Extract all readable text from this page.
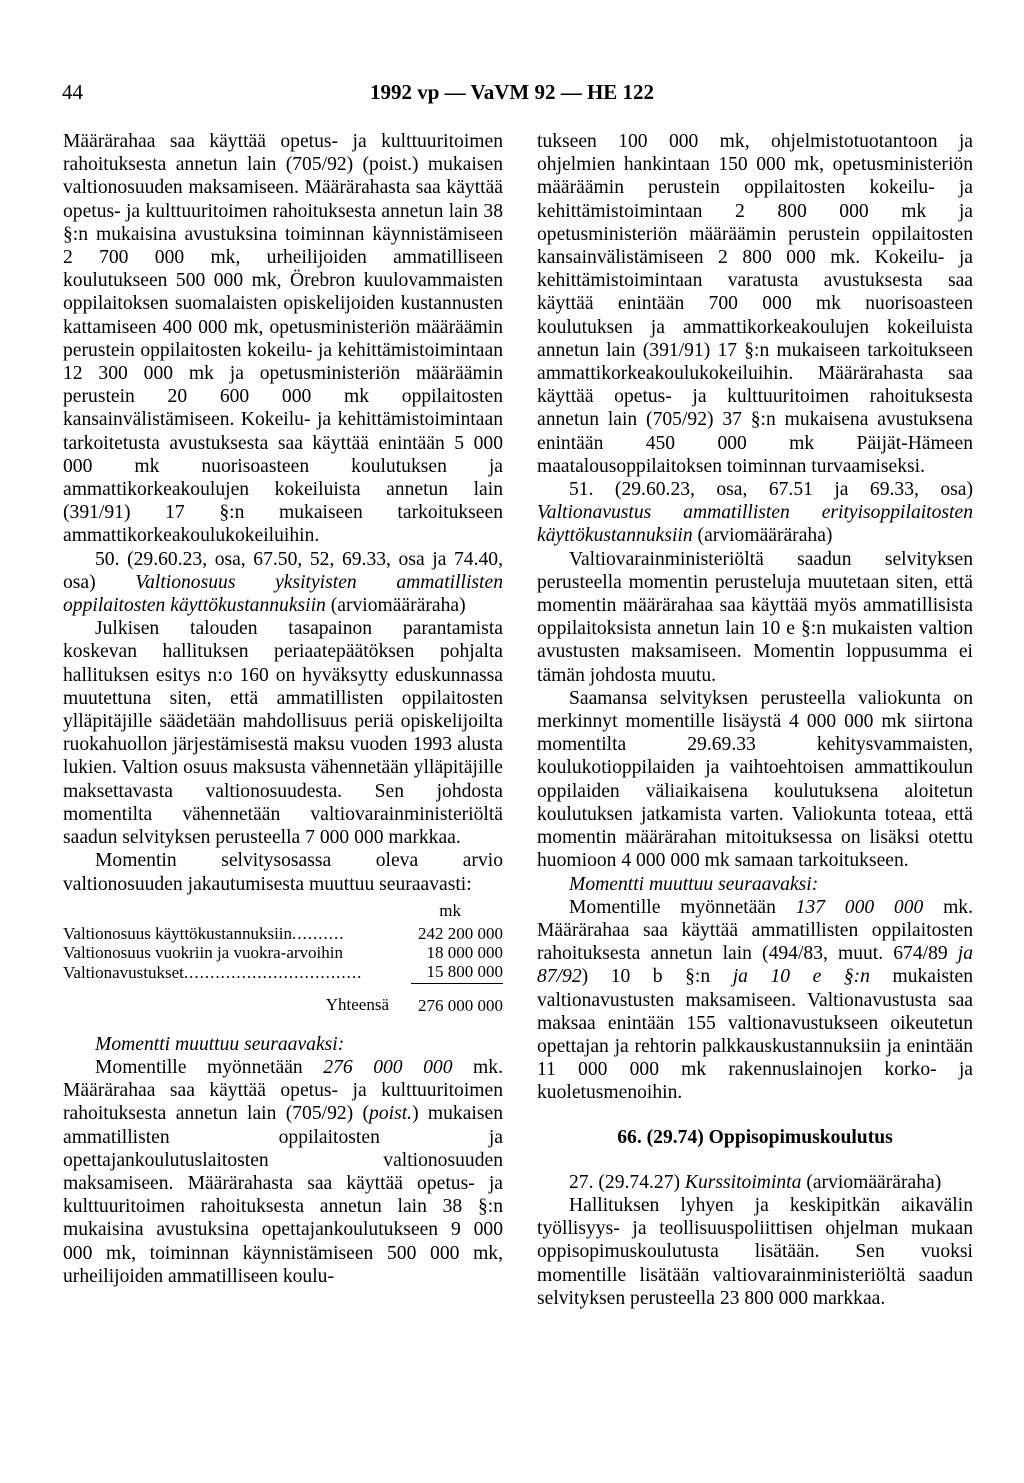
44	1992 vp — VaVM 92 — HE 122

Määrärahaa saa käyttää opetus- ja kulttuuritoimen rahoituksesta annetun lain (705/92) (poist.) mukaisen valtionosuuden maksamiseen. Määrärahasta saa käyttää opetus- ja kulttuuritoimen rahoituksesta annetun lain 38 §:n mukaisina avustuksina toiminnan käynnistämiseen 2 700 000 mk, urheilijoiden ammatilliseen koulutukseen 500 000 mk, Örebron kuulovammaisten oppilaitoksen suomalaisten opiskelijoiden kustannusten kattamiseen 400 000 mk, opetusministeriön määräämin perustein oppilaitosten kokeilu- ja kehittämistoimintaan 12 300 000 mk ja opetusministeriön määräämin perustein 20 600 000 mk oppilaitosten kansainvälistämiseen. Kokeilu- ja kehittämistoimintaan tarkoitetusta avustuksesta saa käyttää enintään 5 000 000 mk nuorisoasteen koulutuksen ja ammattikorkeakoulujen kokeiluista annetun lain (391/91) 17 §:n mukaiseen tarkoitukseen ammattikorkeakoulukokeiluihin.

50. (29.60.23, osa, 67.50, 52, 69.33, osa ja 74.40, osa) Valtionosuus yksityisten ammatillisten oppilaitosten käyttökustannuksiin (arviomääräraha)

Julkisen talouden tasapainon parantamista koskevan hallituksen periaatepäätöksen pohjalta hallituksen esitys n:o 160 on hyväksytty eduskunnassa muutettuna siten, että ammatillisten oppilaitosten ylläpitäjille säädetään mahdollisuus periä opiskelijoilta ruokahuollon järjestämisestä maksu vuoden 1993 alusta lukien. Valtion osuus maksusta vähennetään ylläpitäjille maksettavasta valtionosuudesta. Sen johdosta momentilta vähennetään valtiovarainministeriöltä saadun selvityksen perusteella 7 000 000 markkaa.

Momentin selvitysosassa oleva arvio valtionosuuden jakautumisesta muuttuu seuraavasti:

	mk
Valtionosuus käyttökustannuksiin..........	242 200 000
Valtionosuus vuokriin ja vuokra-arvoihin	18 000 000
Valtionavustukset..................................	15 800 000
Yhteensä	276 000 000

Momentti muuttuu seuraavaksi:

Momentille myönnetään 276 000 000 mk. Määrärahaa saa käyttää opetus- ja kulttuuritoimen rahoituksesta annetun lain (705/92) (poist.) mukaisen ammatillisten oppilaitosten ja opettajankoulutuslaitosten valtionosuuden maksamiseen. Määrärahasta saa käyttää opetus- ja kulttuuritoimen rahoituksesta annetun lain 38 §:n mukaisina avustuksina opettajankoulutukseen 9 000 000 mk, toiminnan käynnistämiseen 500 000 mk, urheilijoiden ammatilliseen koulu-

tukseen 100 000 mk, ohjelmistotuotantoon ja ohjelmien hankintaan 150 000 mk, opetusministeriön määräämin perustein oppilaitosten kokeilu- ja kehittämistoimintaan 2 800 000 mk ja opetusministeriön määräämin perustein oppilaitosten kansainvälistämiseen 2 800 000 mk. Kokeilu- ja kehittämistoimintaan varatusta avustuksesta saa käyttää enintään 700 000 mk nuorisoasteen koulutuksen ja ammattikorkeakoulujen kokeiluista annetun lain (391/91) 17 §:n mukaiseen tarkoitukseen ammattikorkeakoulukokeiluihin. Määrärahasta saa käyttää opetus- ja kulttuuritoimen rahoituksesta annetun lain (705/92) 37 §:n mukaisena avustuksena enintään 450 000 mk Päijät-Hämeen maatalousoppilaitoksen toiminnan turvaamiseksi.

51. (29.60.23, osa, 67.51 ja 69.33, osa) Valtionavustus ammatillisten erityisoppilaitosten käyttökustannuksiin (arviomääräraha)

Valtiovarainministeriöltä saadun selvityksen perusteella momentin perusteluja muutetaan siten, että momentin määrärahaa saa käyttää myös ammatillisista oppilaitoksista annetun lain 10 e §:n mukaisten valtion avustusten maksamiseen. Momentin loppusumma ei tämän johdosta muutu.

Saamansa selvityksen perusteella valiokunta on merkinnyt momentille lisäystä 4 000 000 mk siirtona momentilta 29.69.33 kehitysvammaisten, koulukotioppilaiden ja vaihtoehtoisen ammattikoulun oppilaiden väliaikaisena koulutuksena aloitetun koulutuksen jatkamista varten. Valiokunta toteaa, että momentin määrärahan mitoituksessa on lisäksi otettu huomioon 4 000 000 mk samaan tarkoitukseen.

Momentti muuttuu seuraavaksi:

Momentille myönnetään 137 000 000 mk. Määrärahaa saa käyttää ammatillisten oppilaitosten rahoituksesta annetun lain (494/83, muut. 674/89 ja 87/92) 10 b §:n ja 10 e §:n mukaisten valtionavustusten maksamiseen. Valtionavustusta saa maksaa enintään 155 valtionavustukseen oikeutetun opettajan ja rehtorin palkkauskustannuksiin ja enintään 11 000 000 mk rakennuslainojen korko- ja kuoletusmenoihin.

66. (29.74) Oppisopimuskoulutus

27. (29.74.27) Kurssitoiminta (arviomääräraha)

Hallituksen lyhyen ja keskipitkän aikavälin työllisyys- ja teollisuuspoliittisen ohjelman mukaan oppisopimuskoulutusta lisätään. Sen vuoksi momentille lisätään valtiovarainministeriöltä saadun selvityksen perusteella 23 800 000 markkaa.
